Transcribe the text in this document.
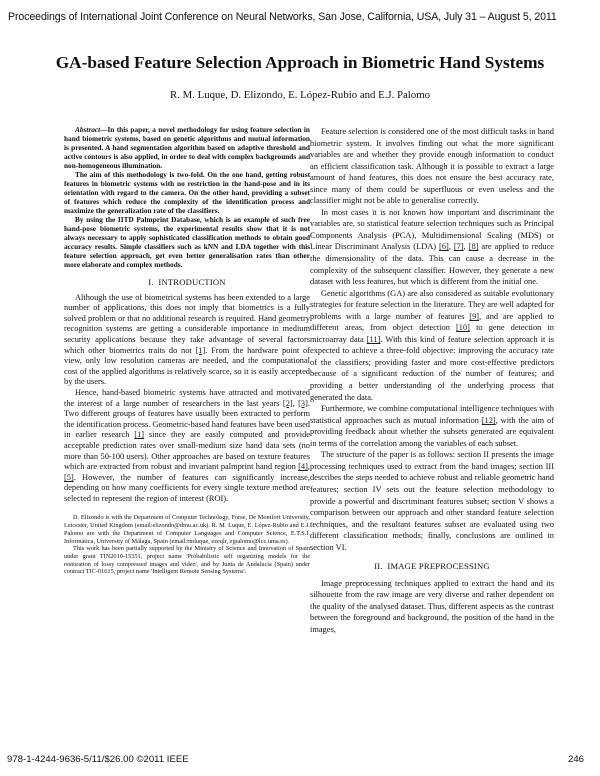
Proceedings of International Joint Conference on Neural Networks, San Jose, California, USA, July 31 – August 5, 2011
GA-based Feature Selection Approach in Biometric Hand Systems
R. M. Luque, D. Elizondo, E. López-Rubio and E.J. Palomo

Abstract—In this paper, a novel methodology for using feature selection in hand biometric systems, based on genetic algorithms and mutual information is presented. A hand segmentation algorithm based on adaptive threshold and active contours is also applied, in order to deal with complex backgrounds and non-homogeneous illumination.

The aim of this methodology is two-fold. On the one hand, getting robust features in biometric systems with no restriction in the hand-pose and in its orientation with regard to the camera. On the other hand, providing a subset of features which reduce the complexity of the identification process and maximize the generalization rate of the classifiers.

By using the IITD Palmprint Database, which is an example of such free hand-pose biometric systems, the experimental results show that it is not always necessary to apply sophisticated classification methods to obtain good accuracy results. Simple classifiers such as kNN and LDA together with this feature selection approach, get even better generalisation rates than other more elaborate and complex methods.

I. INTRODUCTION

Although the use of biometrical systems has been extended to a large number of applications, this does not imply that biometrics is a fully solved problem or that no additional research is required. Hand geometry recognition systems are getting a considerable importance in medium security applications because they take advantage of several factors which other biometrics traits do not [1]. From the hardware point of view, only low resolution cameras are needed, and the computational cost of the applied algorithms is relatively scarce, so it is easily accepted by the users.

Hence, hand-based biometric systems have attracted and motivated the interest of a large number of researchers in the last years [2], [3]. Two different groups of features have usually been extracted to perform the identification process. Geometric-based hand features have been used in earlier research [1] since they are easily computed and provide acceptable prediction rates over small-medium size hand data sets (no more than 50-100 users). Other approaches are based on texture features which are extracted from robust and invariant palmprint hand region [4], [5]. However, the number of features can significantly increase, depending on how many coefficients for every single texture method are selected to represent the region of interest (ROI).

D. Elizondo is with the Department of Computer Technology, Forse, De Montfort University, Leicester, United Kingdom (email:elizondo@dmu.ac.uk). R. M. Luque, E. López-Rubio and E.J. Palomo are with the Department of Computer Languages and Computer Science, E.T.S.I. Informática, University of Málaga, Spain (email:rmluque, ezeqlr, ejpalomo@lcc.uma.es).

This work has been partially supported by the Ministry of Science and Innovation of Spain under grant TIN2010-15351, project name 'Probabilistic self organizing models for the restoration of lossy compressed images and video', and by Junta de Andalucía (Spain) under contract TIC-01615, project name 'Intelligent Remote Sensing Systems'.

Feature selection is considered one of the most difficult tasks in hand biometric system. It involves finding out what the more significant variables are and whether they provide enough information to conduct an efficient classification task. Although it is possible to extract a large amount of hand features, this does not ensure the best accuracy rate, since many of them could be superfluous or even useless and the classifier might not be able to generalise correctly.

In most cases it is not known how important and discriminant the variables are, so statistical feature selection techniques such as Principal Components Analysis (PCA), Multidimensional Scaling (MDS) or Linear Discriminant Analysis (LDA) [6], [7], [8] are applied to reduce the dimensionality of the data. This can cause a decrease in the complexity of the subsequent classifier. However, they generate a new dataset with less features, but which is different from the initial one.

Genetic algorithms (GA) are also considered as suitable evolutionary strategies for feature selection in the literature. They are well adapted for problems with a large number of features [9], and are applied to different areas, from object detection [10] to gene detection in microarray data [11]. With this kind of feature selection approach it is expected to achieve a three-fold objective: improving the accuracy rate of the classifiers; providing faster and more cost-effective predictors because of a significant reduction of the number of features; and providing a better understanding of the underlying process that generated the data.

Furthermore, we combine computational intelligence techniques with statistical approaches such as mutual information [12], with the aim of providing feedback about whether the subsets generated are equivalent in terms of the correlation among the variables of each subset.

The structure of the paper is as follows: section II presents the image processing techniques used to extract from the hand images; section III describes the steps needed to achieve robust and reliable geometric hand features; section IV sets out the feature selection methodology to provide a powerful and discriminant features subset; section V shows a comparison between our approach and other standard feature selection techniques, and the resultant features subset are evaluated using two different classification methods; finally, conclusions are outlined in section VI.

II. IMAGE PREPROCESSING

Image preprocessing techniques applied to extract the hand and its silhouette from the raw image are very diverse and rather dependent on the quality of the analysed dataset. Thus, different aspects as the contrast between the foreground and background, the position of the hand in the images,

978-1-4244-9636-5/11/$26.00 ©2011 IEEE	246
